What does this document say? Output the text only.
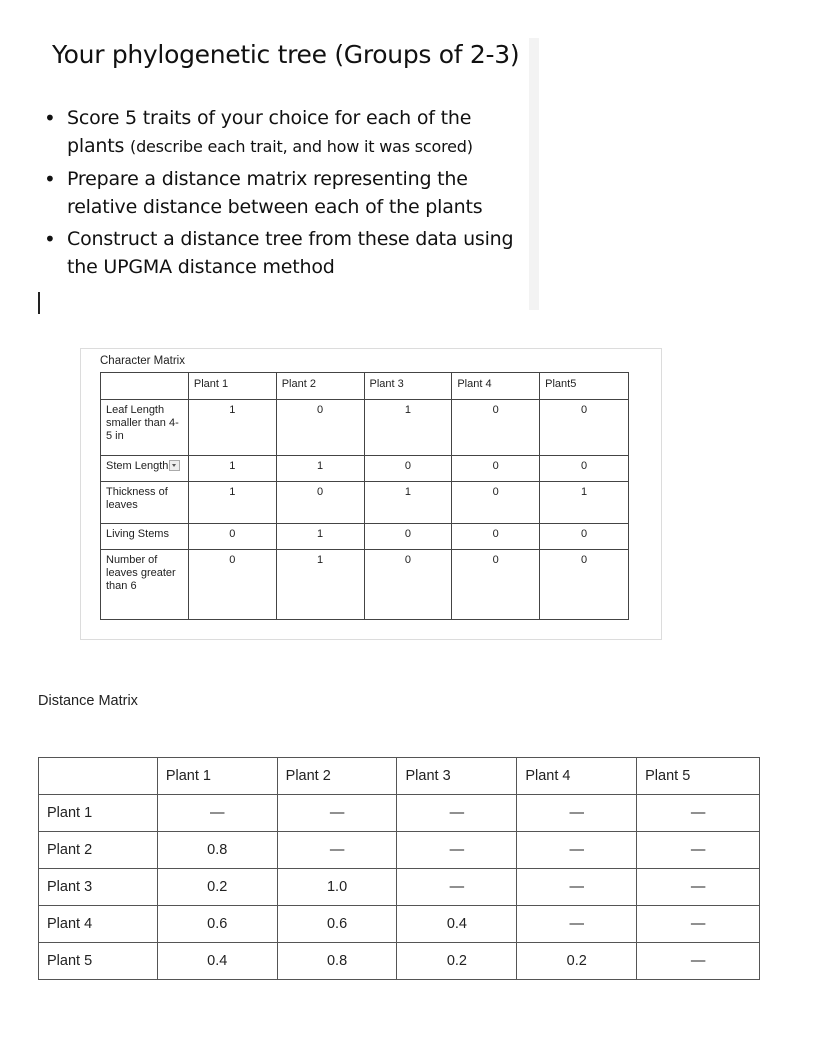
Your phylogenetic tree (Groups of 2-3)
• Score 5 traits of your choice for each of the plants (describe each trait, and how it was scored)
• Prepare a distance matrix representing the relative distance between each of the plants
• Construct a distance tree from these data using the UPGMA distance method
Character Matrix
	Plant 1	Plant 2	Plant 3	Plant 4	Plant5
Leaf Length smaller than 4-5 in	1	0	1	0	0
Stem Length	1	1	0	0	0
Thickness of leaves	1	0	1	0	1
Living Stems	0	1	0	0	0
Number of leaves greater than 6	0	1	0	0	0
Distance Matrix
	Plant 1	Plant 2	Plant 3	Plant 4	Plant 5
Plant 1	—	—	—	—	—
Plant 2	0.8	—	—	—	—
Plant 3	0.2	1.0	—	—	—
Plant 4	0.6	0.6	0.4	—	—
Plant 5	0.4	0.8	0.2	0.2	—
